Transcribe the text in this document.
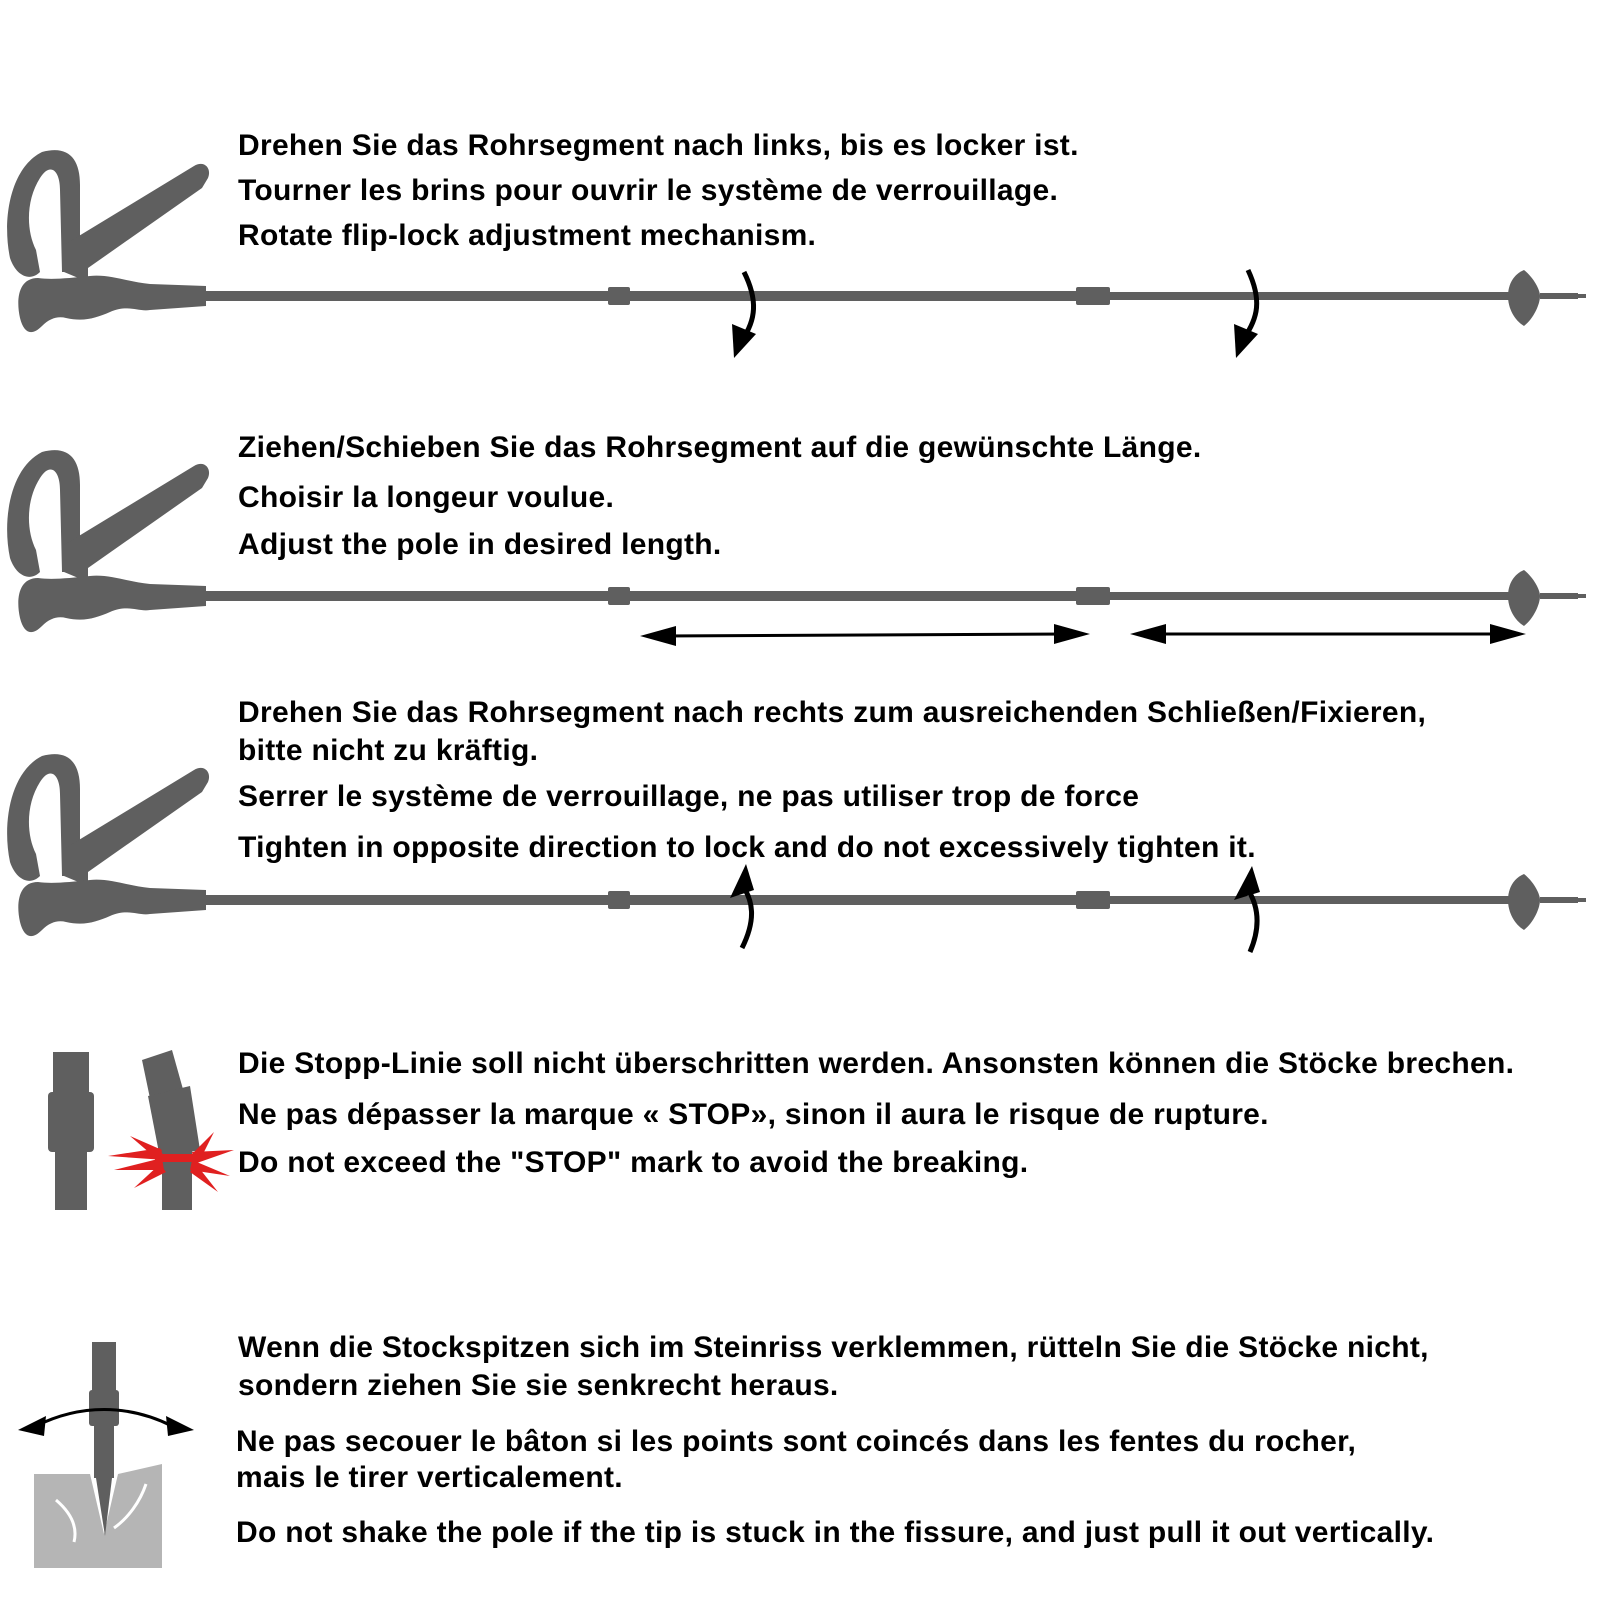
Drehen Sie das Rohrsegment nach links, bis es locker ist.
Tourner les brins pour ouvrir le système de verrouillage.
Rotate flip-lock adjustment mechanism.
Ziehen/Schieben Sie das Rohrsegment auf die gewünschte Länge.
Choisir la longeur voulue.
Adjust the pole in desired length.
Drehen Sie das Rohrsegment nach rechts zum ausreichenden Schließen/Fixieren,
bitte nicht zu kräftig.
Serrer le système de verrouillage, ne pas utiliser trop de force
Tighten in opposite direction to lock and do not excessively tighten it.
Die Stopp-Linie soll nicht überschritten werden. Ansonsten können die Stöcke brechen.
Ne pas dépasser la marque « STOP», sinon il aura le risque de rupture.
Do not exceed the "STOP" mark to avoid the breaking.
Wenn die Stockspitzen sich im Steinriss verklemmen, rütteln Sie die Stöcke nicht,
sondern ziehen Sie sie senkrecht heraus.
Ne pas secouer le bâton si les points sont coincés dans les fentes du rocher,
mais le tirer verticalement.
Do not shake the pole if the tip is stuck in the fissure, and just pull it out vertically.
